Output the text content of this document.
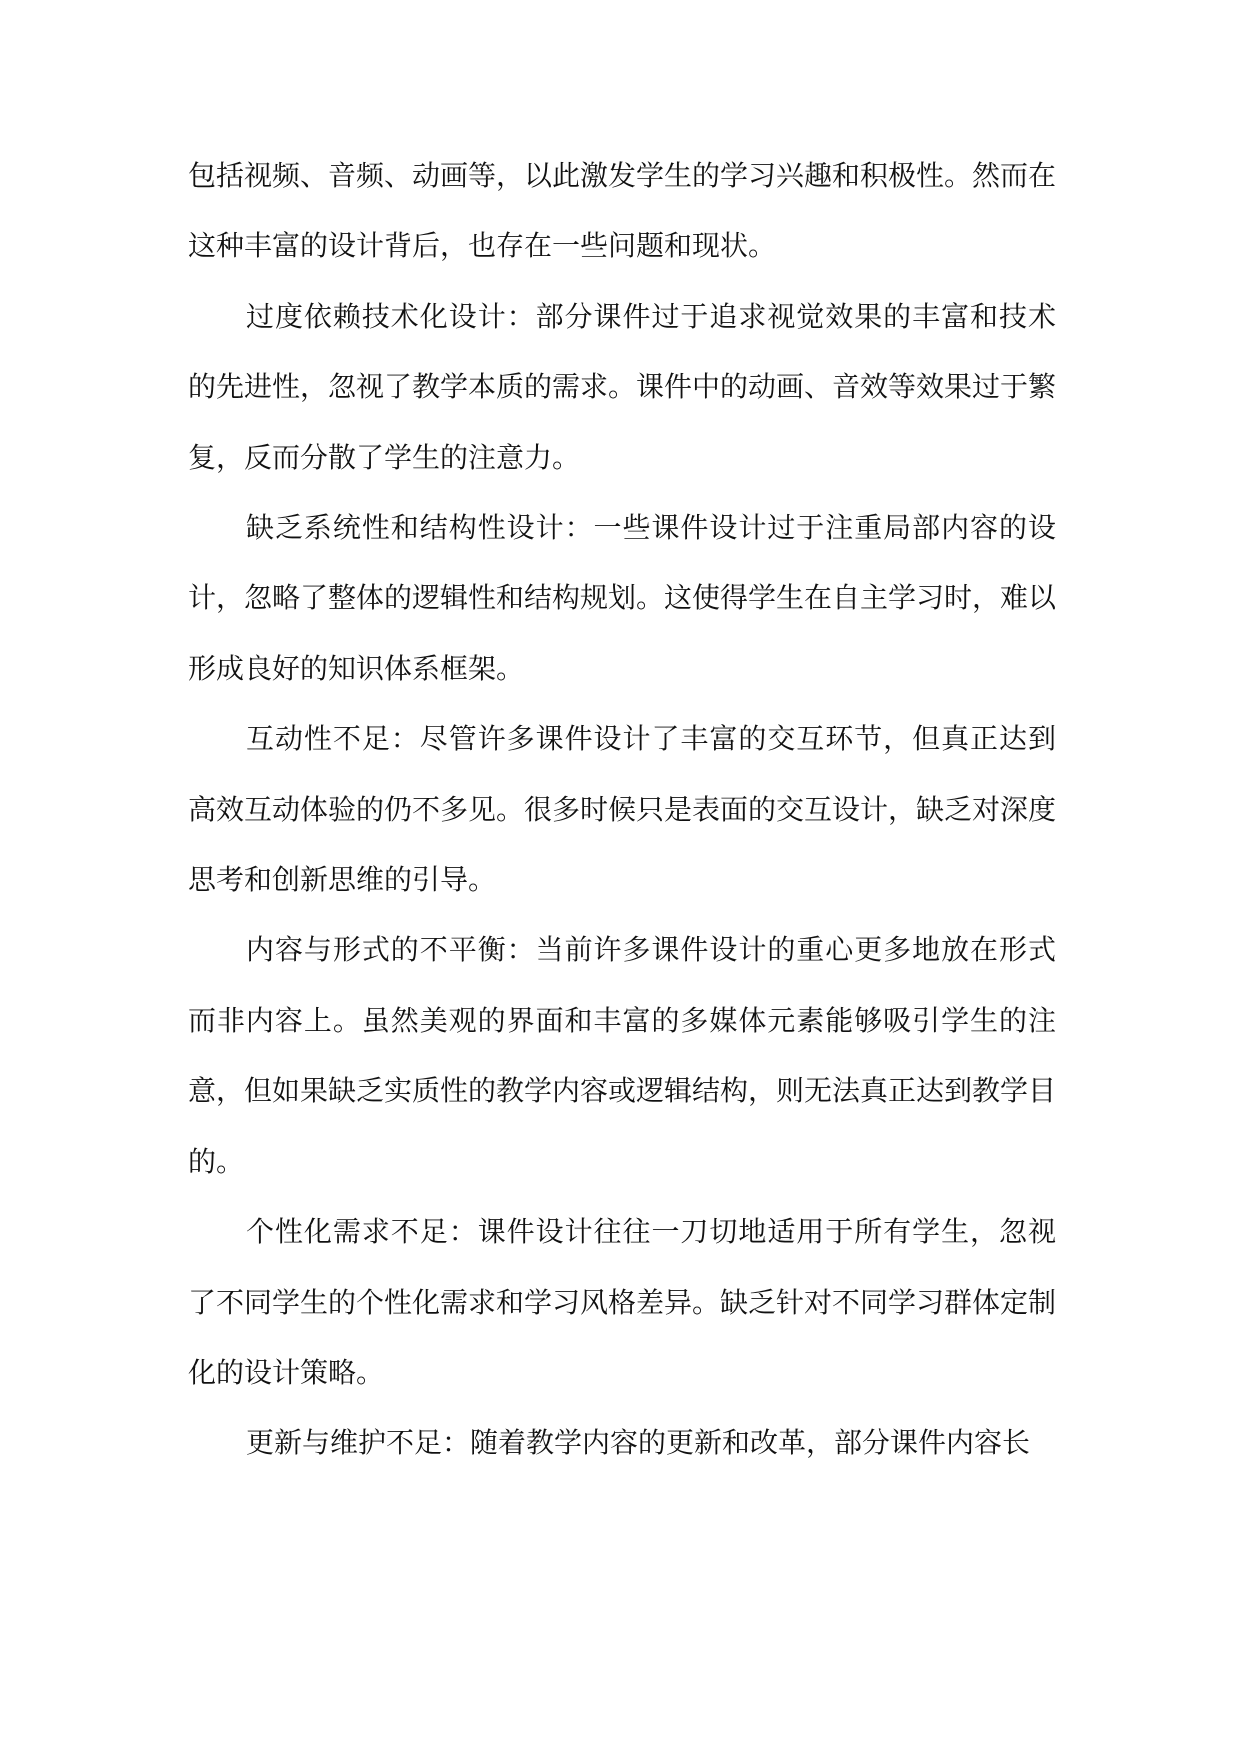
包括视频、音频、动画等，以此激发学生的学习兴趣和积极性。然而在这种丰富的设计背后，也存在一些问题和现状。

过度依赖技术化设计：部分课件过于追求视觉效果的丰富和技术的先进性，忽视了教学本质的需求。课件中的动画、音效等效果过于繁复，反而分散了学生的注意力。

缺乏系统性和结构性设计：一些课件设计过于注重局部内容的设计，忽略了整体的逻辑性和结构规划。这使得学生在自主学习时，难以形成良好的知识体系框架。

互动性不足：尽管许多课件设计了丰富的交互环节，但真正达到高效互动体验的仍不多见。很多时候只是表面的交互设计，缺乏对深度思考和创新思维的引导。

内容与形式的不平衡：当前许多课件设计的重心更多地放在形式而非内容上。虽然美观的界面和丰富的多媒体元素能够吸引学生的注意，但如果缺乏实质性的教学内容或逻辑结构，则无法真正达到教学目的。

个性化需求不足：课件设计往往一刀切地适用于所有学生，忽视了不同学生的个性化需求和学习风格差异。缺乏针对不同学习群体定制化的设计策略。

更新与维护不足：随着教学内容的更新和改革，部分课件内容长
